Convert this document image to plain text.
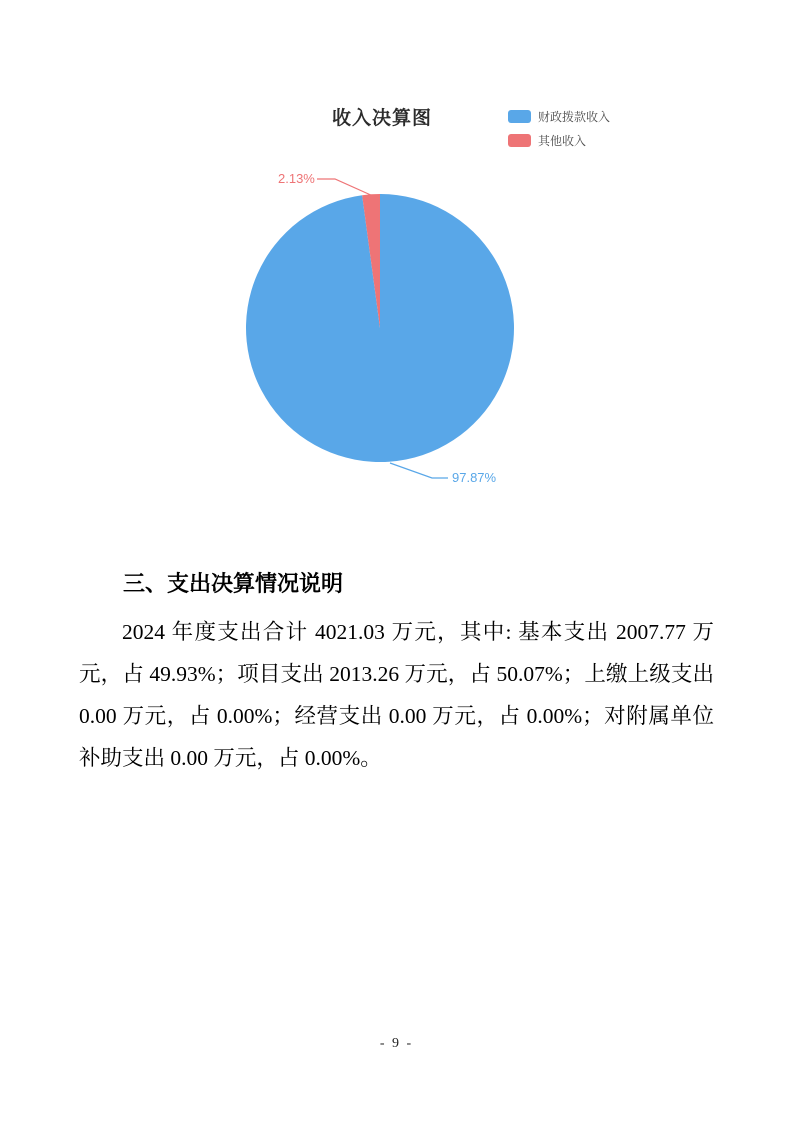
收入决算图	财政拨款收入
其他收入
2.13%
97.87%
三、支出决算情况说明

2024 年度支出合计 4021.03 万元，其中: 基本支出 2007.77 万元，占 49.93%；项目支出 2013.26 万元，占 50.07%；上缴上级支出 0.00 万元，占 0.00%；经营支出 0.00 万元，占 0.00%；对附属单位补助支出 0.00 万元，占 0.00%。

- 9 -
